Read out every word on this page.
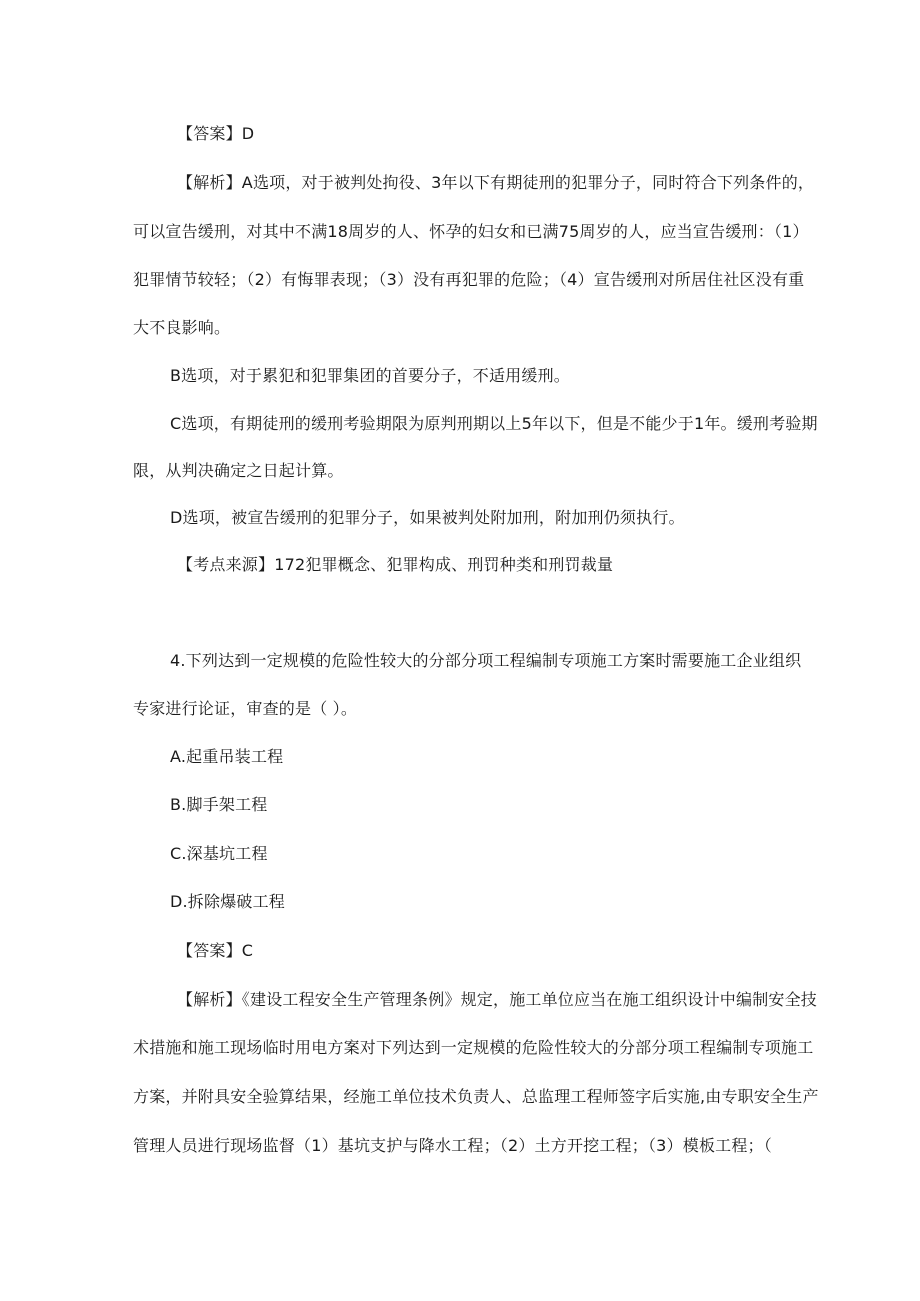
【答案】D
【解析】A选项，对于被判处拘役、3年以下有期徒刑的犯罪分子，同时符合下列条件的，
可以宣告缓刑，对其中不满18周岁的人、怀孕的妇女和已满75周岁的人，应当宣告缓刑：（1）
犯罪情节较轻；（2）有悔罪表现；（3）没有再犯罪的危险；（4）宣告缓刑对所居住社区没有重
大不良影响。
B选项，对于累犯和犯罪集团的首要分子，不适用缓刑。
C选项，有期徒刑的缓刑考验期限为原判刑期以上5年以下，但是不能少于1年。缓刑考验期
限，从判决确定之日起计算。
D选项，被宣告缓刑的犯罪分子，如果被判处附加刑，附加刑仍须执行。
【考点来源】172犯罪概念、犯罪构成、刑罚种类和刑罚裁量
4.下列达到一定规模的危险性较大的分部分项工程编制专项施工方案时需要施工企业组织
专家进行论证，审查的是（ ）。
A.起重吊装工程
B.脚手架工程
C.深基坑工程
D.拆除爆破工程
【答案】C
【解析】《建设工程安全生产管理条例》规定，施工单位应当在施工组织设计中编制安全技
术措施和施工现场临时用电方案对下列达到一定规模的危险性较大的分部分项工程编制专项施工
方案，并附具安全验算结果，经施工单位技术负责人、总监理工程师签字后实施,由专职安全生产
管理人员进行现场监督（1）基坑支护与降水工程；（2）土方开挖工程；（3）模板工程；（
